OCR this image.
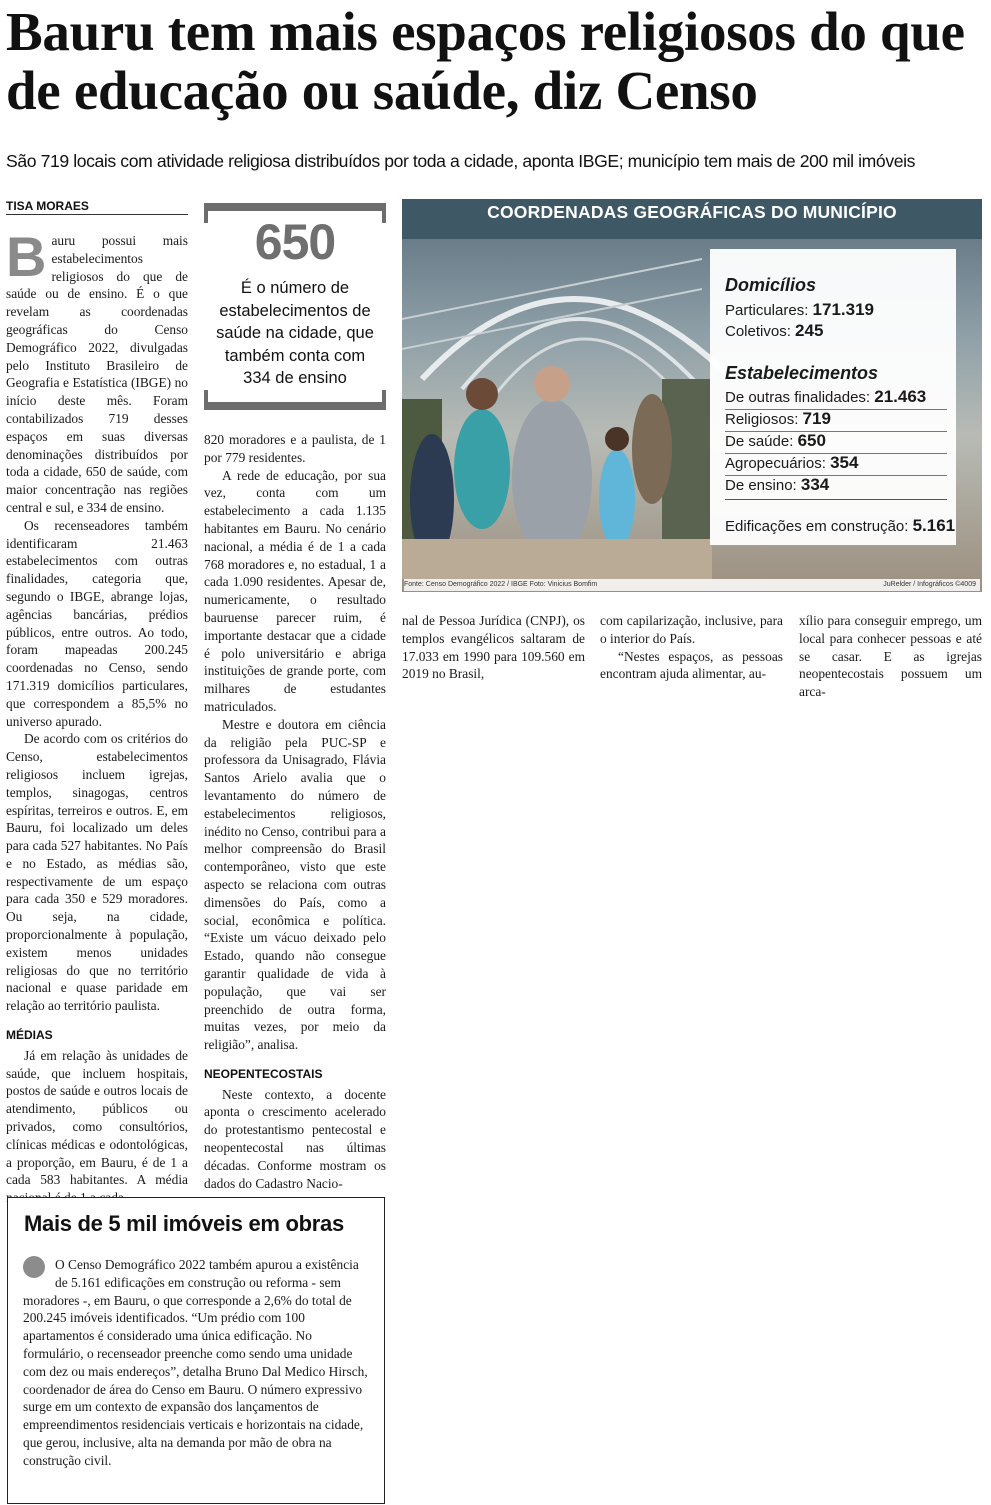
Bauru tem mais espaços religiosos do que de educação ou saúde, diz Censo
São 719 locais com atividade religiosa distribuídos por toda a cidade, aponta IBGE; município tem mais de 200 mil imóveis
TISA MORAES

Bauru possui mais estabelecimentos religiosos do que de saúde ou de ensino. É o que revelam as coordenadas geográficas do Censo Demográfico 2022, divulgadas pelo Instituto Brasileiro de Geografia e Estatística (IBGE) no início deste mês. Foram contabilizados 719 desses espaços em suas diversas denominações distribuídos por toda a cidade, 650 de saúde, com maior concentração nas regiões central e sul, e 334 de ensino.

Os recenseadores também identificaram 21.463 estabelecimentos com outras finalidades, categoria que, segundo o IBGE, abrange lojas, agências bancárias, prédios públicos, entre outros. Ao todo, foram mapeadas 200.245 coordenadas no Censo, sendo 171.319 domicílios particulares, que correspondem a 85,5% no universo apurado.

De acordo com os critérios do Censo, estabelecimentos religiosos incluem igrejas, templos, sinagogas, centros espíritas, terreiros e outros. E, em Bauru, foi localizado um deles para cada 527 habitantes. No País e no Estado, as médias são, respectivamente de um espaço para cada 350 e 529 moradores. Ou seja, na cidade, proporcionalmente à população, existem menos unidades religiosas do que no território nacional e quase paridade em relação ao território paulista.

MÉDIAS

Já em relação às unidades de saúde, que incluem hospitais, postos de saúde e outros locais de atendimento, públicos ou privados, como consultórios, clínicas médicas e odontológicas, a proporção, em Bauru, é de 1 a cada 583 habitantes. A média

650
É o número de estabelecimentos de saúde na cidade, que também conta com 334 de ensino

820 moradores e a paulista, de 1 por 779 residentes.

A rede de educação, por sua vez, conta com um estabelecimento a cada 1.135 habitantes em Bauru. No cenário nacional, a média é de 1 a cada 768 moradores e, no estadual, 1 a cada 1.090 residentes. Apesar de, numericamente, o resultado bauruense parecer ruim, é importante destacar que a cidade é polo universitário e abriga instituições de grande porte, com milhares de estudantes matriculados.

Mestre e doutora em ciência da religião pela PUC-SP e professora da Unisagrado, Flávia Santos Arielo avalia que o levantamento do número de estabelecimentos religiosos, inédito no Censo, contribui para a melhor compreensão do Brasil contemporâneo, visto que este aspecto se relaciona com outras dimensões do País, como a social, econômica e política. “Existe um vácuo deixado pelo Estado, quando não consegue garantir qualidade de vida à população, que vai ser preenchido de outra forma, muitas vezes, por meio da religião”, analisa.

NEOPENTECOSTAIS

Neste contexto, a docente aponta o crescimento acelerado do protestantismo pentecostal e neopentecostal nas últimas décadas. Conforme mostram os dados do Cadastro Nacio-

COORDENADAS GEOGRÁFICAS DO MUNICÍPIO
Domicílios
Particulares: 171.319
Coletivos: 245
Estabelecimentos
De outras finalidades: 21.463
Religiosos: 719
De saúde: 650
Agropecuários: 354
De ensino: 334
Edificações em construção: 5.161
Fonte: Censo Demográfico 2022 / IBGE Foto: Vinicius Bomfim	JuRelder / Infográficos ©4009

nal de Pessoa Jurídica (CNPJ), os templos evangélicos saltaram de 17.033 em 1990 para 109.560 em 2019 no Brasil,

com capilarização, inclusive, para o interior do País.

“Nestes espaços, as pessoas encontram ajuda alimentar, au-

xílio para conseguir emprego, um local para conhecer pessoas e até se casar. E as igrejas neopentecostais possuem um arca-

Mais de 5 mil imóveis em obras
O Censo Demográfico 2022 também apurou a existência de 5.161 edificações em construção ou reforma - sem moradores -, em Bauru, o que corresponde a 2,6% do total de 200.245 imóveis identificados. “Um prédio com 100 apartamentos é considerado uma única edificação. No formulário, o recenseador preenche como sendo uma unidade com dez ou mais endereços”, detalha Bruno Dal Medico Hirsch, coordenador de área do Censo em Bauru. O número expressivo surge em um contexto de expansão dos lançamentos de empreendimentos residenciais verticais e horizontais na cidade, que gerou, inclusive, alta na demanda por mão de obra na construção civil.
